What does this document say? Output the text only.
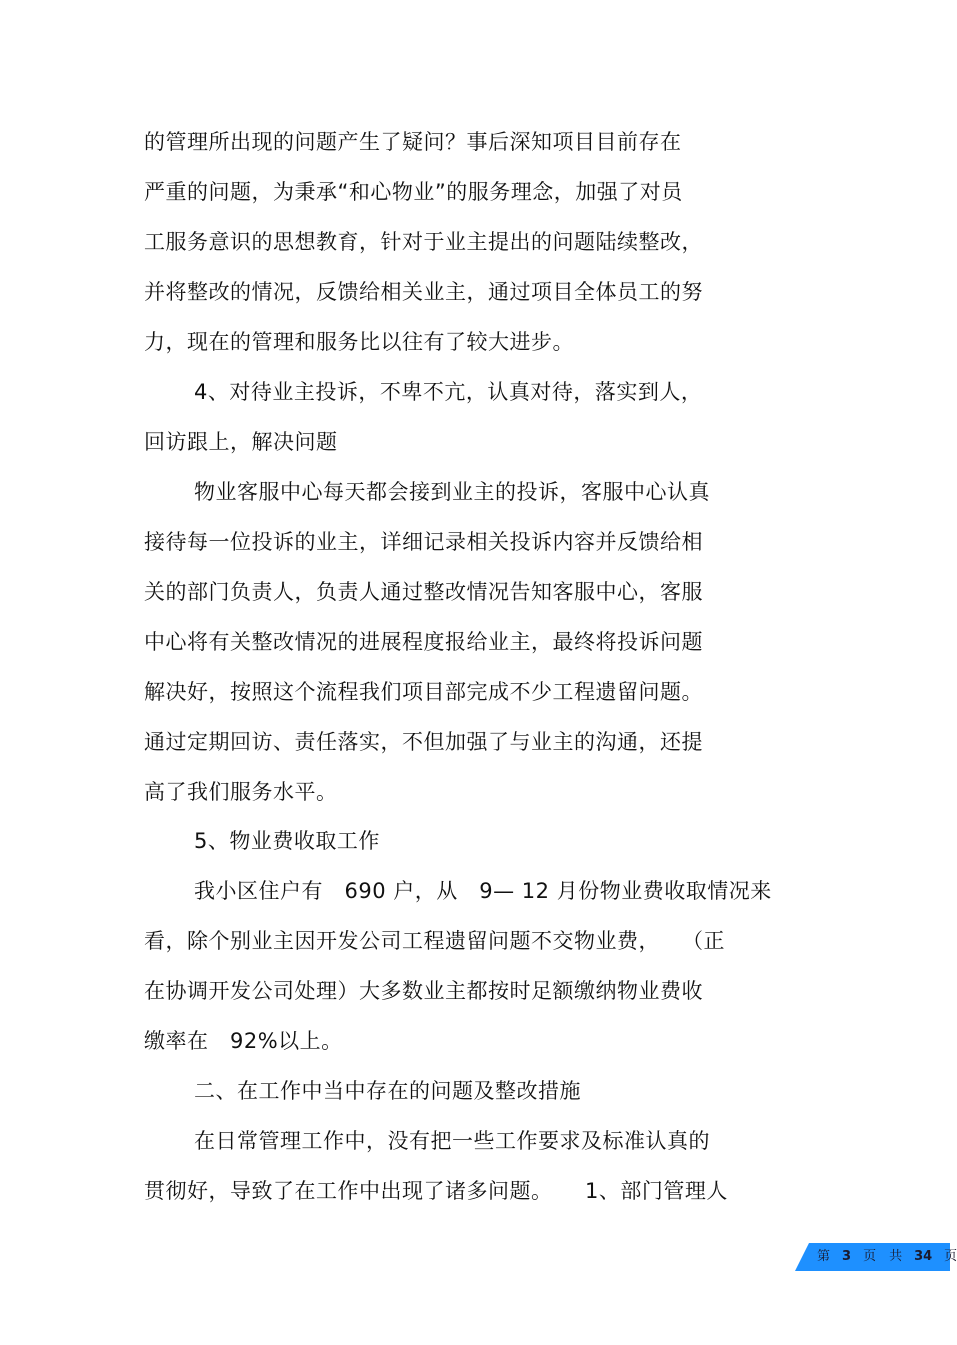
的管理所出现的问题产生了疑问？事后深知项目目前存在
严重的问题，为秉承“和心物业”的服务理念，加强了对员
工服务意识的思想教育，针对于业主提出的问题陆续整改，
并将整改的情况，反馈给相关业主，通过项目全体员工的努
力，现在的管理和服务比以往有了较大进步。
4、对待业主投诉，不卑不亢，认真对待，落实到人，
回访跟上，解决问题
物业客服中心每天都会接到业主的投诉，客服中心认真
接待每一位投诉的业主，详细记录相关投诉内容并反馈给相
关的部门负责人，负责人通过整改情况告知客服中心，客服
中心将有关整改情况的进展程度报给业主，最终将投诉问题
解决好，按照这个流程我们项目部完成不少工程遗留问题。
通过定期回访、责任落实，不但加强了与业主的沟通，还提
高了我们服务水平。
5、物业费收取工作
我小区住户有　690 户，从　9— 12 月份物业费收取情况来
看，除个别业主因开发公司工程遗留问题不交物业费，　　（正
在协调开发公司处理）大多数业主都按时足额缴纳物业费收
缴率在　92%以上。
二、在工作中当中存在的问题及整改措施
在日常管理工作中，没有把一些工作要求及标准认真的
贯彻好，导致了在工作中出现了诸多问题。　　1、部门管理人
第 3 页　共 34 页
